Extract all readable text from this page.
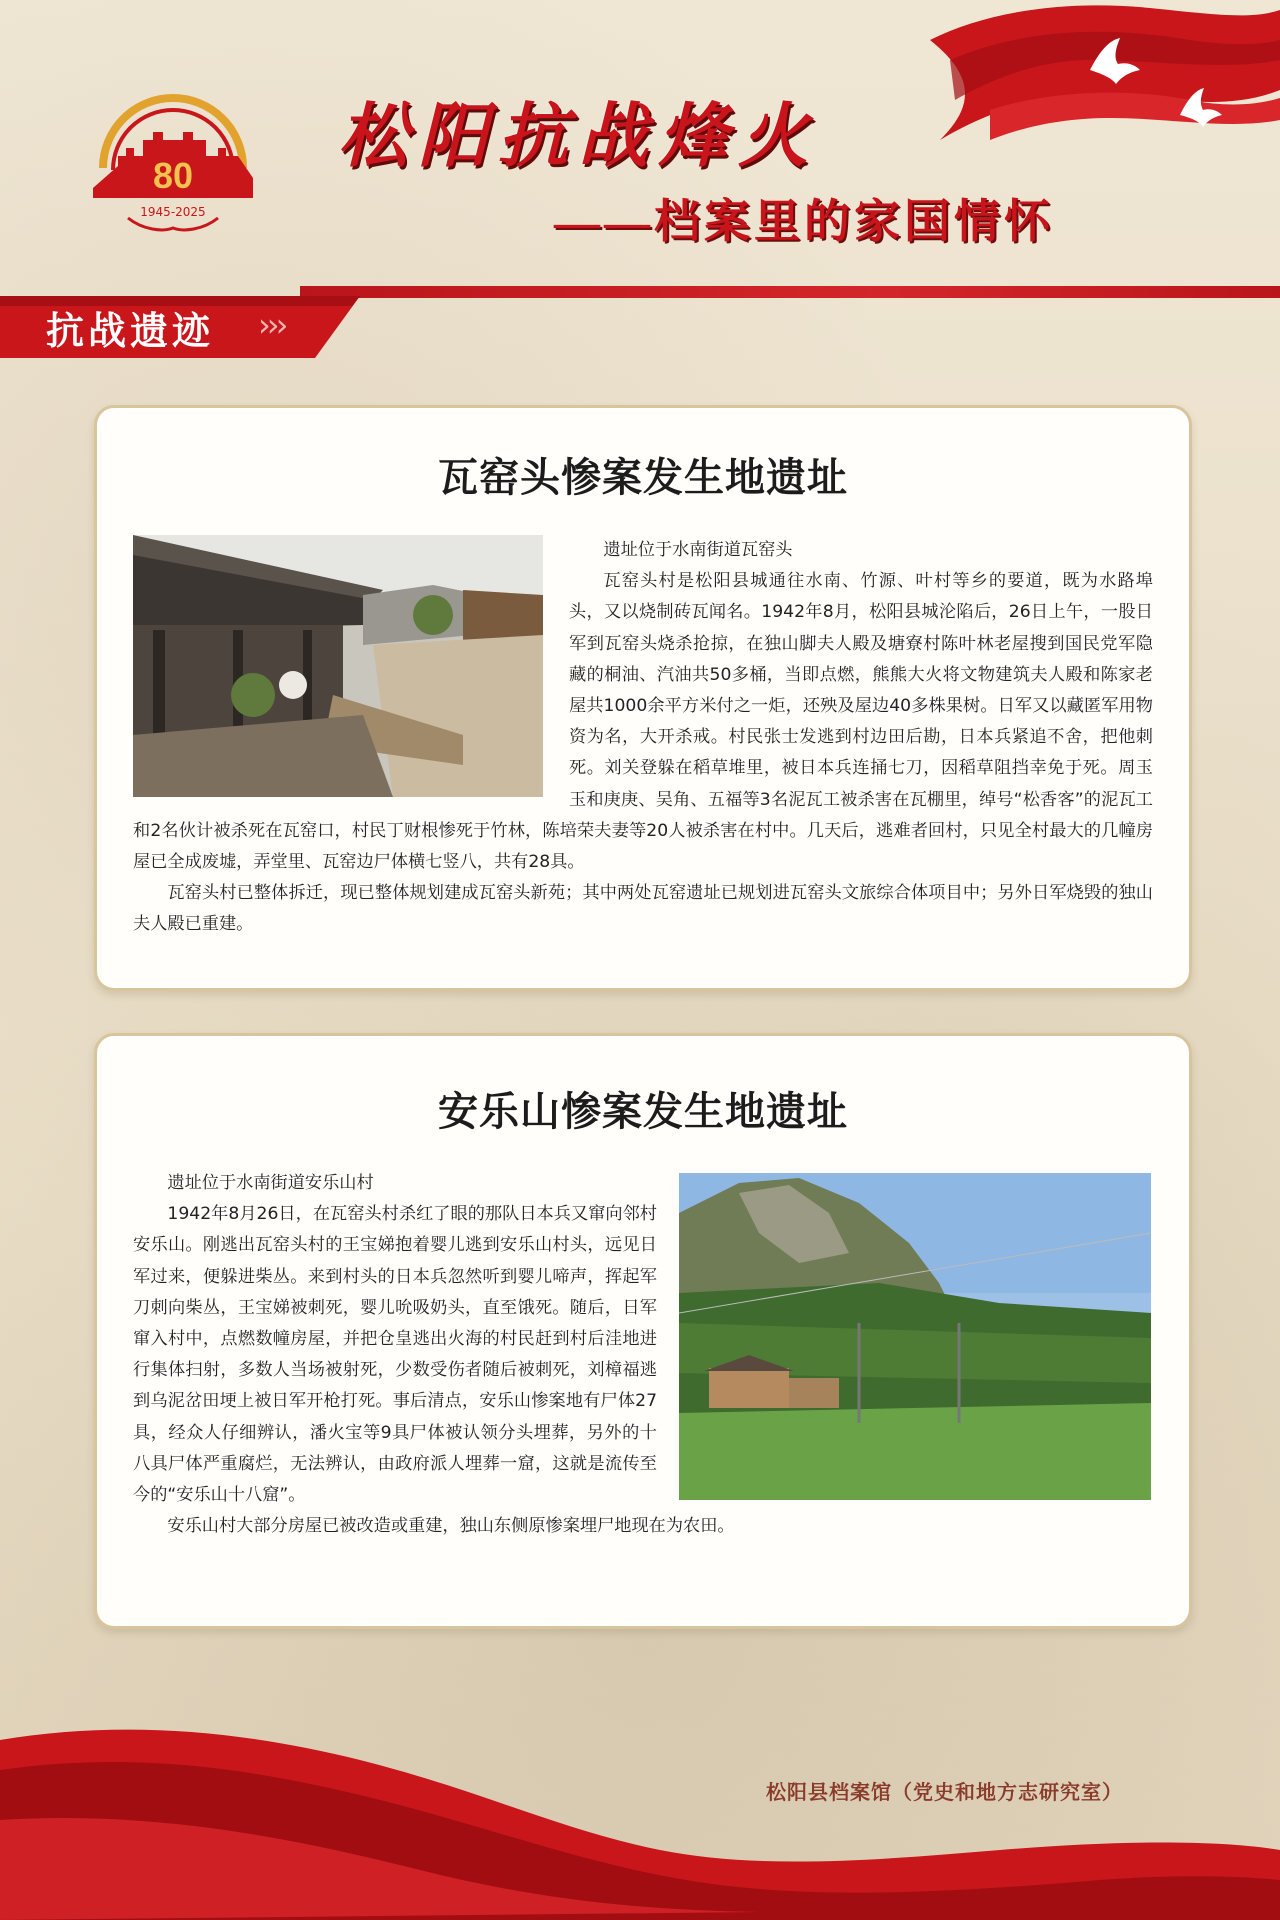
80
1945-2025
松阳抗战烽火
——档案里的家国情怀
抗战遗迹 ›››
瓦窑头惨案发生地遗址

遗址位于水南街道瓦窑头

瓦窑头村是松阳县城通往水南、竹源、叶村等乡的要道，既为水路埠头，又以烧制砖瓦闻名。1942年8月，松阳县城沦陷后，26日上午，一股日军到瓦窑头烧杀抢掠，在独山脚夫人殿及塘寮村陈叶林老屋搜到国民党军隐藏的桐油、汽油共50多桶，当即点燃，熊熊大火将文物建筑夫人殿和陈家老屋共1000余平方米付之一炬，还殃及屋边40多株果树。日军又以藏匿军用物资为名，大开杀戒。村民张士发逃到村边田后勘，日本兵紧追不舍，把他刺死。刘关登躲在稻草堆里，被日本兵连捅七刀，因稻草阻挡幸免于死。周玉玉和庚庚、吴角、五福等3名泥瓦工被杀害在瓦棚里，绰号“松香客”的泥瓦工和2名伙计被杀死在瓦窑口，村民丁财根惨死于竹林，陈培荣夫妻等20人被杀害在村中。几天后，逃难者回村，只见全村最大的几幢房屋已全成废墟，弄堂里、瓦窑边尸体横七竖八，共有28具。

瓦窑头村已整体拆迁，现已整体规划建成瓦窑头新苑；其中两处瓦窑遗址已规划进瓦窑头文旅综合体项目中；另外日军烧毁的独山夫人殿已重建。

安乐山惨案发生地遗址

遗址位于水南街道安乐山村

1942年8月26日，在瓦窑头村杀红了眼的那队日本兵又窜向邻村安乐山。刚逃出瓦窑头村的王宝娣抱着婴儿逃到安乐山村头，远见日军过来，便躲进柴丛。来到村头的日本兵忽然听到婴儿啼声，挥起军刀刺向柴丛，王宝娣被刺死，婴儿吮吸奶头，直至饿死。随后，日军窜入村中，点燃数幢房屋，并把仓皇逃出火海的村民赶到村后洼地进行集体扫射，多数人当场被射死，少数受伤者随后被刺死，刘樟福逃到乌泥岔田埂上被日军开枪打死。事后清点，安乐山惨案地有尸体27具，经众人仔细辨认，潘火宝等9具尸体被认领分头埋葬，另外的十八具尸体严重腐烂，无法辨认，由政府派人埋葬一窟，这就是流传至今的“安乐山十八窟”。

安乐山村大部分房屋已被改造或重建，独山东侧原惨案埋尸地现在为农田。

松阳县档案馆（党史和地方志研究室）
